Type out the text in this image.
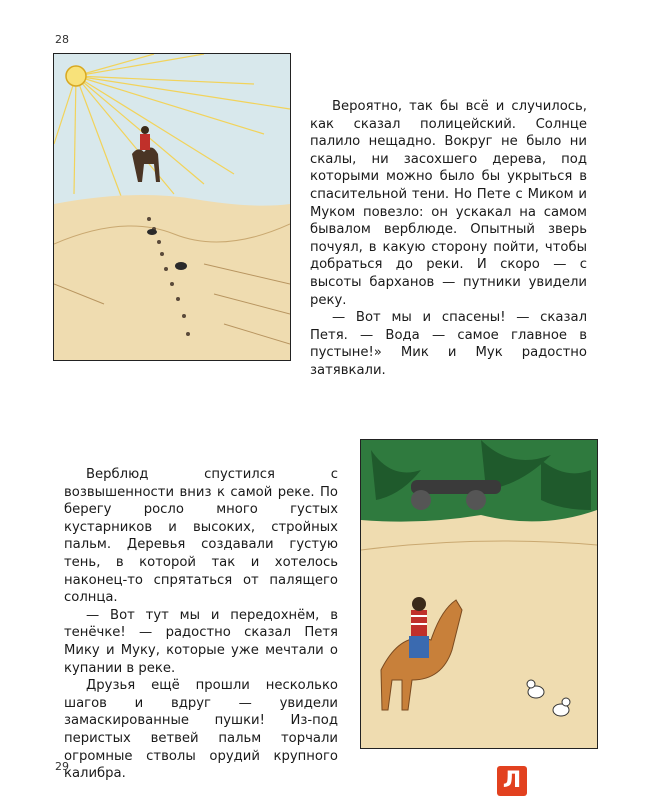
28

Вероятно, так бы всё и случилось, как сказал полицейский. Солнце палило нещадно. Вокруг не было ни скалы, ни засохшего дерева, под которыми можно было бы укрыться в спасительной тени. Но Пете с Миком и Муком повезло: он ускакал на самом бывалом верблюде. Опытный зверь почуял, в какую сторону пойти, чтобы добраться до реки. И скоро — с высоты барханов — путники увидели реку.

— Вот мы и спасены! — сказал Петя. — Вода — самое главное в пустыне!» Мик и Мук радостно затявкали.

Верблюд спустился с возвышенности вниз к самой реке. По берегу росло много густых кустарников и высоких, стройных пальм. Деревья создавали густую тень, в которой так и хотелось наконец-то спрятаться от палящего солнца.

— Вот тут мы и передохнём, в тенёчке! — радостно сказал Петя Мику и Муку, которые уже мечтали о купании в реке.

Друзья ещё прошли несколько шагов и вдруг — увидели замаскированные пушки! Из-под перистых ветвей пальм торчали огромные стволы орудий крупного калибра.

29
Л
